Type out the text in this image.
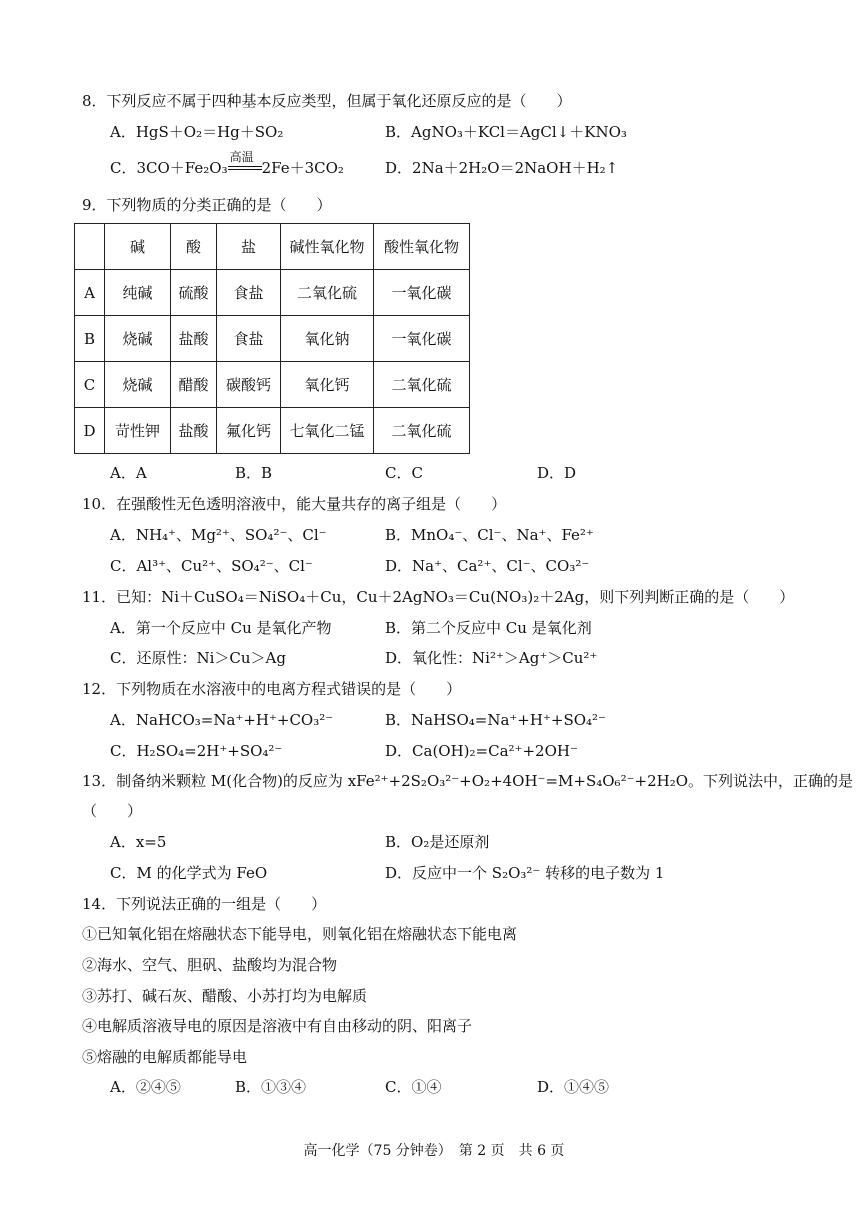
8．下列反应不属于四种基本反应类型，但属于氧化还原反应的是（　　）
A．HgS＋O₂＝Hg＋SO₂	B．AgNO₃＋KCl＝AgCl↓＋KNO₃
C．3CO＋Fe₂O₃
高温
2Fe＋3CO₂	D．2Na＋2H₂O＝2NaOH＋H₂↑
9．下列物质的分类正确的是（　　）
	碱	酸	盐	碱性氧化物	酸性氧化物
A	纯碱	硫酸	食盐	二氧化硫	一氧化碳
B	烧碱	盐酸	食盐	氧化钠	一氧化碳
C	烧碱	醋酸	碳酸钙	氧化钙	二氧化硫
D	苛性钾	盐酸	氟化钙	七氧化二锰	二氧化硫
A．A	B．B	C．C	D．D
10．在强酸性无色透明溶液中，能大量共存的离子组是（　　）
A．NH₄⁺、Mg²⁺、SO₄²⁻、Cl⁻	B．MnO₄⁻、Cl⁻、Na⁺、Fe²⁺
C．Al³⁺、Cu²⁺、SO₄²⁻、Cl⁻	D．Na⁺、Ca²⁺、Cl⁻、CO₃²⁻
11．已知：Ni＋CuSO₄＝NiSO₄＋Cu，Cu＋2AgNO₃＝Cu(NO₃)₂＋2Ag，则下列判断正确的是（　　）
A．第一个反应中 Cu 是氧化产物	B．第二个反应中 Cu 是氧化剂
C．还原性：Ni＞Cu＞Ag	D．氧化性：Ni²⁺＞Ag⁺＞Cu²⁺
12．下列物质在水溶液中的电离方程式错误的是（　　）
A．NaHCO₃=Na⁺+H⁺+CO₃²⁻	B．NaHSO₄=Na⁺+H⁺+SO₄²⁻
C．H₂SO₄=2H⁺+SO₄²⁻	D．Ca(OH)₂=Ca²⁺+2OH⁻
13．制备纳米颗粒 M(化合物)的反应为 xFe²⁺+2S₂O₃²⁻+O₂+4OH⁻=M+S₄O₆²⁻+2H₂O。下列说法中，正确的是
（　　）
A．x=5	B．O₂是还原剂
C．M 的化学式为 FeO	D．反应中一个 S₂O₃²⁻ 转移的电子数为 1
14．下列说法正确的一组是（　　）
①已知氧化铝在熔融状态下能导电，则氧化铝在熔融状态下能电离
②海水、空气、胆矾、盐酸均为混合物
③苏打、碱石灰、醋酸、小苏打均为电解质
④电解质溶液导电的原因是溶液中有自由移动的阴、阳离子
⑤熔融的电解质都能导电
A．②④⑤	B．①③④	C．①④	D．①④⑤
高一化学（75 分钟卷）　第 2 页　共 6 页
